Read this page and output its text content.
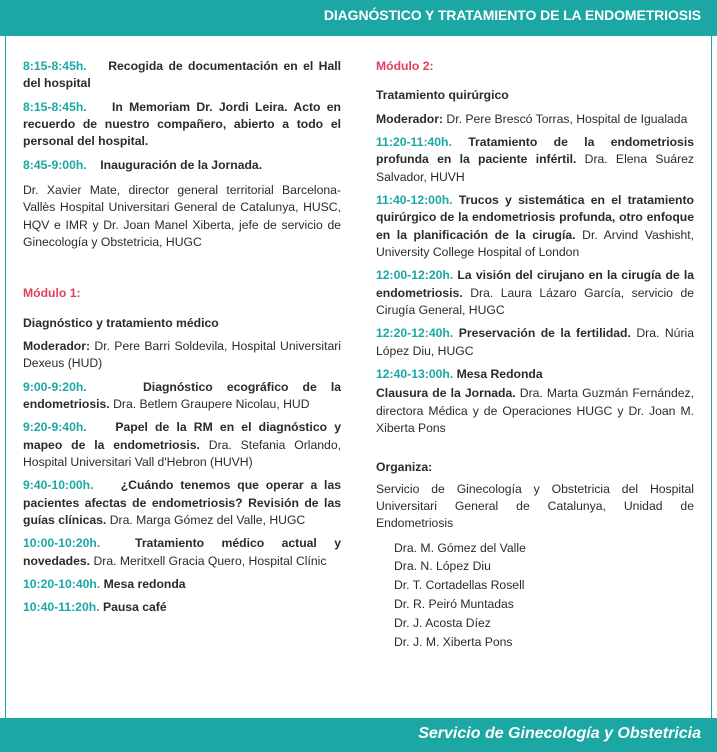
DIAGNÓSTICO Y TRATAMIENTO DE LA ENDOMETRIOSIS
8:15-8:45h. Recogida de documentación en el Hall del hospital
8:15-8:45h. In Memoriam Dr. Jordi Leira. Acto en recuerdo de nuestro compañero, abierto a todo el personal del hospital.
8:45-9:00h. Inauguración de la Jornada.
Dr. Xavier Mate, director general territorial Barcelona-Vallès Hospital Universitari General de Catalunya, HUSC, HQV e IMR y Dr. Joan Manel Xiberta, jefe de servicio de Ginecología y Obstetricia, HUGC
Módulo 1:
Diagnóstico y tratamiento médico
Moderador: Dr. Pere Barri Soldevila, Hospital Universitari Dexeus (HUD)
9:00-9:20h.	Diagnóstico ecográfico de la endometriosis. Dra. Betlem Graupere Nicolau, HUD
9:20-9:40h. Papel de la RM en el diagnóstico y mapeo de la endometriosis. Dra. Stefania Orlando, Hospital Universitari Vall d'Hebron (HUVH)
9:40-10:00h. ¿Cuándo tenemos que operar a las pacientes afectas de endometriosis? Revisión de las guías clínicas. Dra. Marga Gómez del Valle, HUGC
10:00-10:20h.	Tratamiento médico actual y novedades. Dra. Meritxell Gracia Quero, Hospital Clínic
10:20-10:40h. Mesa redonda
10:40-11:20h. Pausa café
Módulo 2:
Tratamiento quirúrgico
Moderador: Dr. Pere Brescó Torras, Hospital de Igualada
11:20-11:40h. Tratamiento de la endometriosis profunda en la paciente infértil. Dra. Elena Suárez Salvador, HUVH
11:40-12:00h. Trucos y sistemática en el tratamiento quirúrgico de la endometriosis profunda, otro enfoque en la planificación de la cirugía. Dr. Arvind Vashisht, University College Hospital of London
12:00-12:20h. La visión del cirujano en la cirugía de la endometriosis. Dra. Laura Lázaro García, servicio de Cirugía General, HUGC
12:20-12:40h. Preservación de la fertilidad. Dra. Núria López Diu, HUGC
12:40-13:00h. Mesa Redonda
Clausura de la Jornada. Dra. Marta Guzmán Fernández, directora Médica y de Operaciones HUGC y Dr. Joan M. Xiberta Pons
Organiza:
Servicio de Ginecología y Obstetricia del Hospital Universitari General de Catalunya, Unidad de Endometriosis
Dra. M. Gómez del Valle
Dra. N. López Diu
Dr. T. Cortadellas Rosell
Dr. R. Peiró Muntadas
Dr. J. Acosta Díez
Dr. J. M. Xiberta Pons
Servicio de Ginecología y Obstetricia
